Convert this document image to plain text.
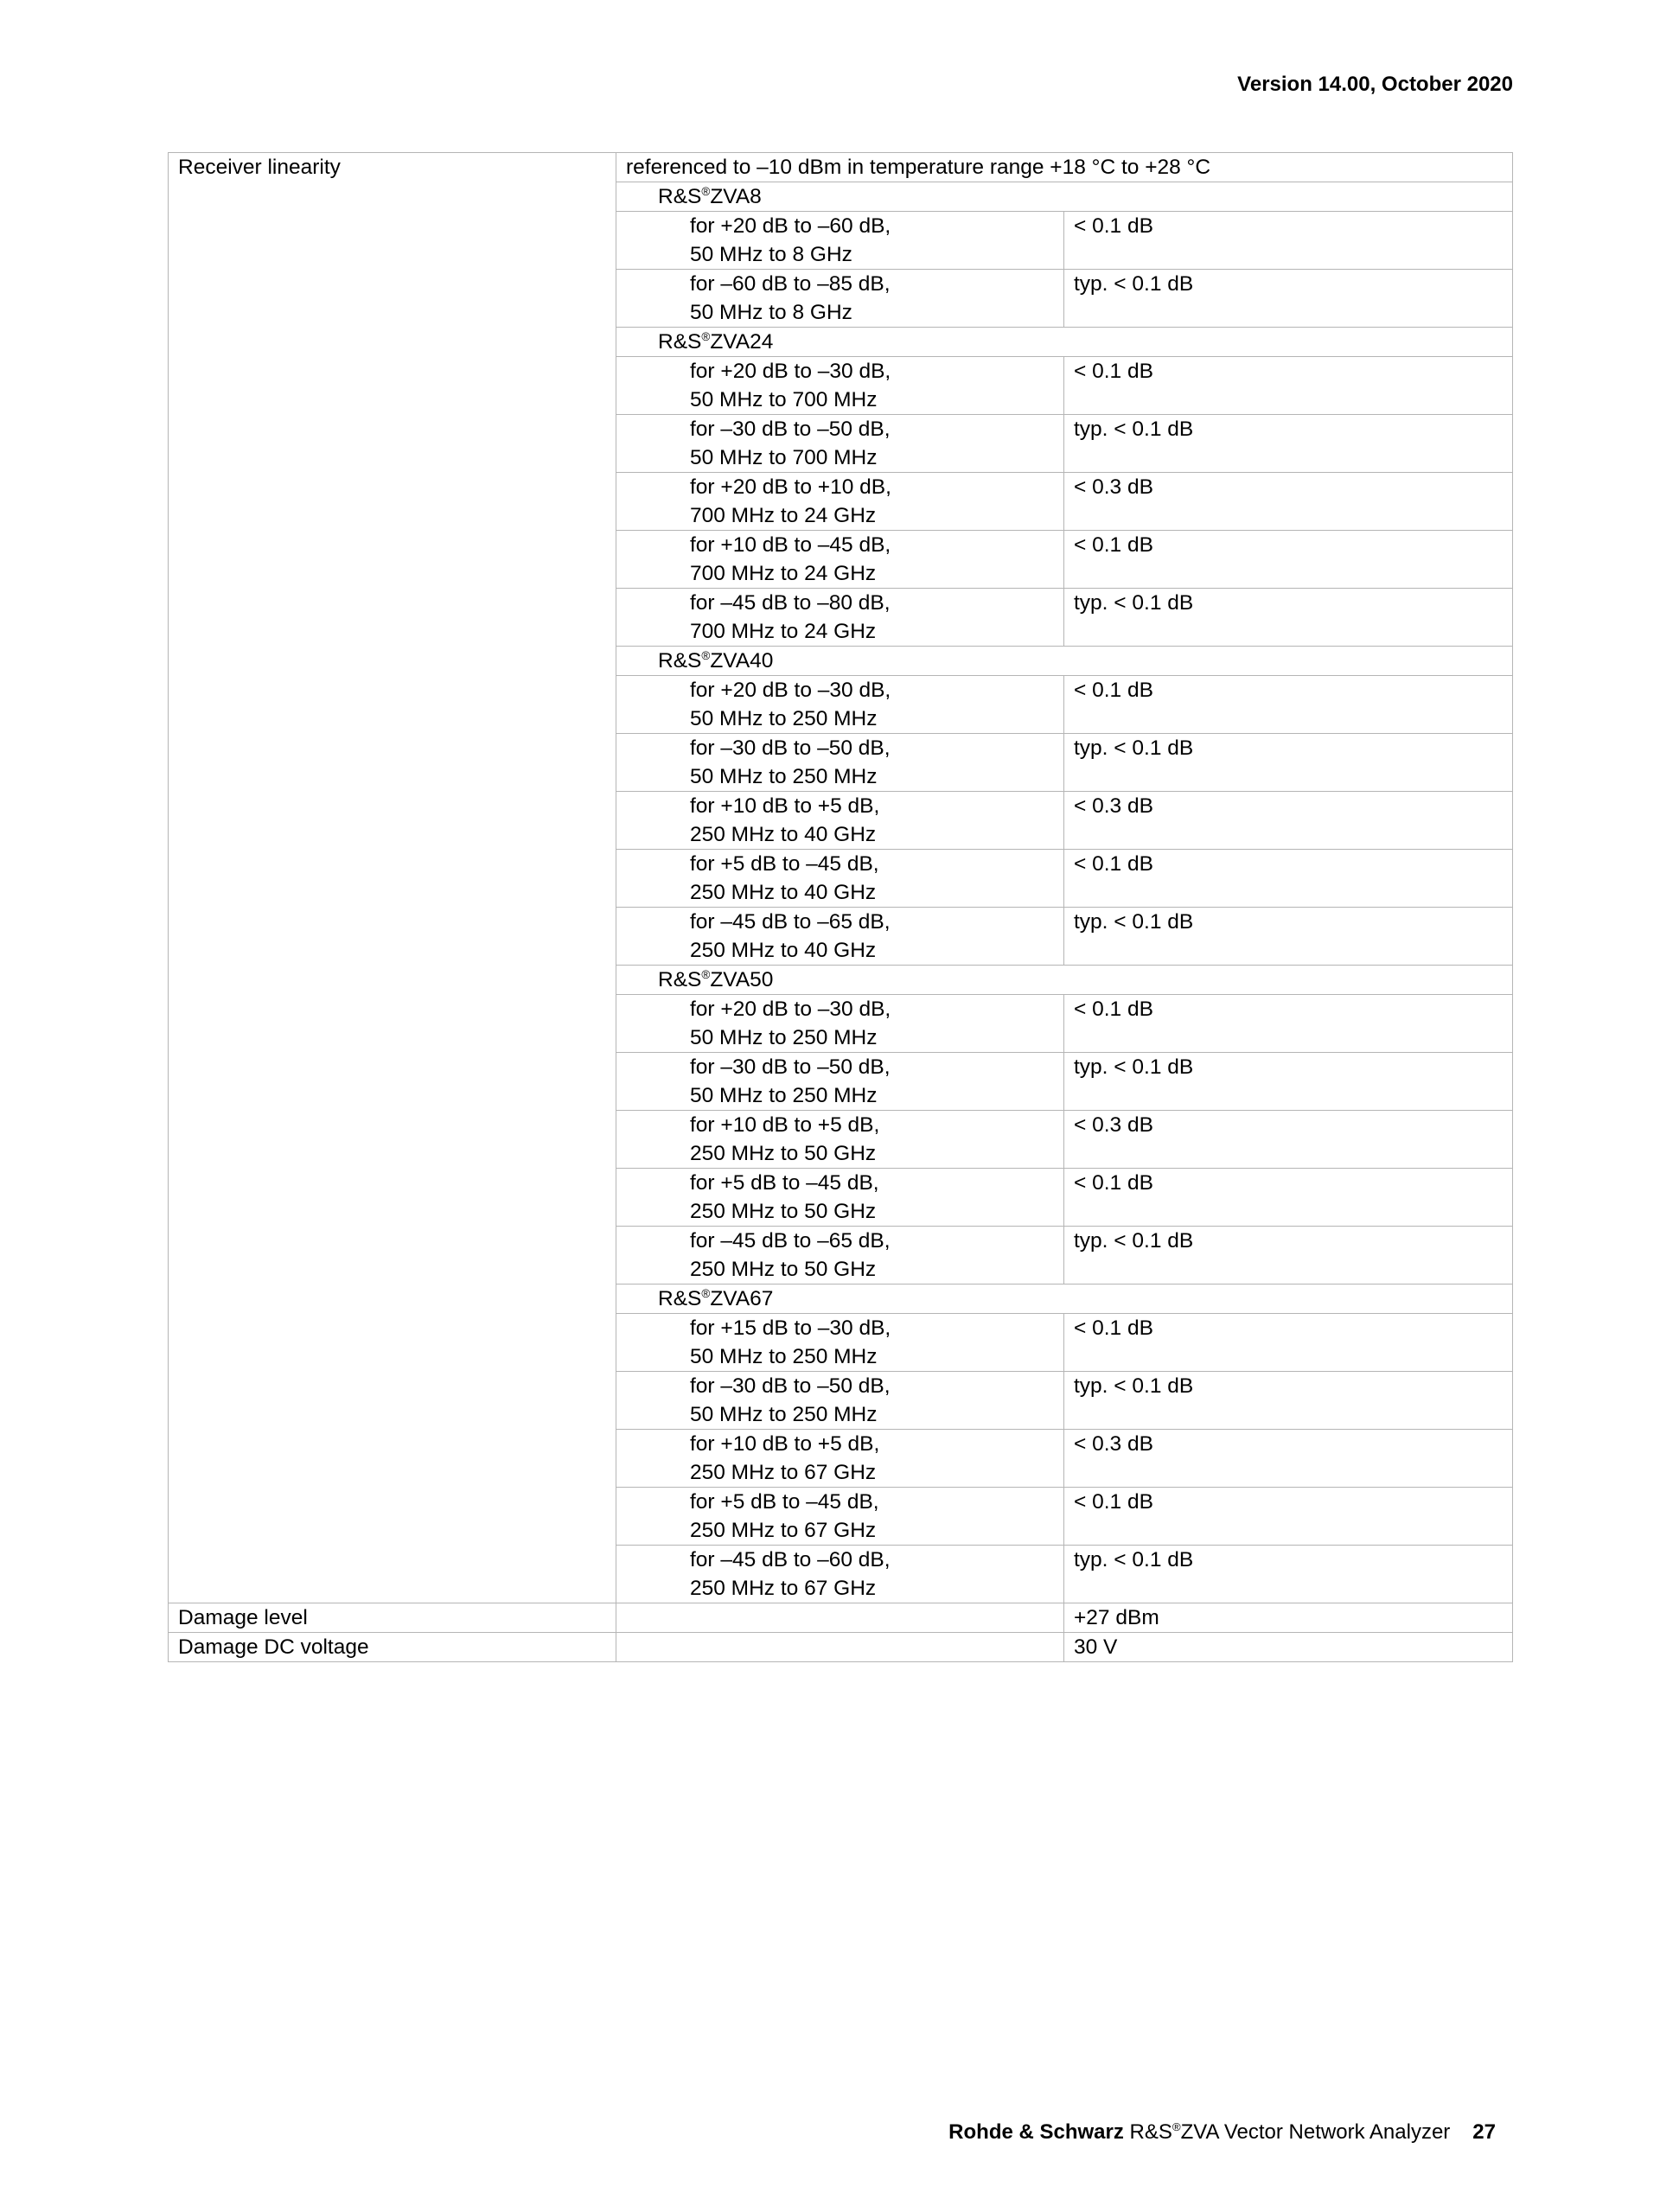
Version 14.00, October 2020
Receiver linearity	referenced to –10 dBm in temperature range +18 °C to +28 °C	
	R&S®ZVA8	

	for +20 dB to –60 dB,
50 MHz to 8 GHz	< 0.1 dB

	for –60 dB to –85 dB,
50 MHz to 8 GHz	typ. < 0.1 dB
	R&S®ZVA24	

	for +20 dB to –30 dB,
50 MHz to 700 MHz	< 0.1 dB

	for –30 dB to –50 dB,
50 MHz to 700 MHz	typ. < 0.1 dB

	for +20 dB to +10 dB,
700 MHz to 24 GHz	< 0.3 dB

	for +10 dB to –45 dB,
700 MHz to 24 GHz	< 0.1 dB

	for –45 dB to –80 dB,
700 MHz to 24 GHz	typ. < 0.1 dB
	R&S®ZVA40	

	for +20 dB to –30 dB,
50 MHz to 250 MHz	< 0.1 dB

	for –30 dB to –50 dB,
50 MHz to 250 MHz	typ. < 0.1 dB

	for +10 dB to +5 dB,
250 MHz to 40 GHz	< 0.3 dB

	for +5 dB to –45 dB,
250 MHz to 40 GHz	< 0.1 dB

	for –45 dB to –65 dB,
250 MHz to 40 GHz	typ. < 0.1 dB
	R&S®ZVA50	

	for +20 dB to –30 dB,
50 MHz to 250 MHz	< 0.1 dB

	for –30 dB to –50 dB,
50 MHz to 250 MHz	typ. < 0.1 dB

	for +10 dB to +5 dB,
250 MHz to 50 GHz	< 0.3 dB

	for +5 dB to –45 dB,
250 MHz to 50 GHz	< 0.1 dB

	for –45 dB to –65 dB,
250 MHz to 50 GHz	typ. < 0.1 dB
	R&S®ZVA67	

	for +15 dB to –30 dB,
50 MHz to 250 MHz	< 0.1 dB

	for –30 dB to –50 dB,
50 MHz to 250 MHz	typ. < 0.1 dB

	for +10 dB to +5 dB,
250 MHz to 67 GHz	< 0.3 dB

	for +5 dB to –45 dB,
250 MHz to 67 GHz	< 0.1 dB

	for –45 dB to –60 dB,
250 MHz to 67 GHz	typ. < 0.1 dB
Damage level		+27 dBm
Damage DC voltage		30 V
Rohde & Schwarz R&S®ZVA Vector Network Analyzer 27
